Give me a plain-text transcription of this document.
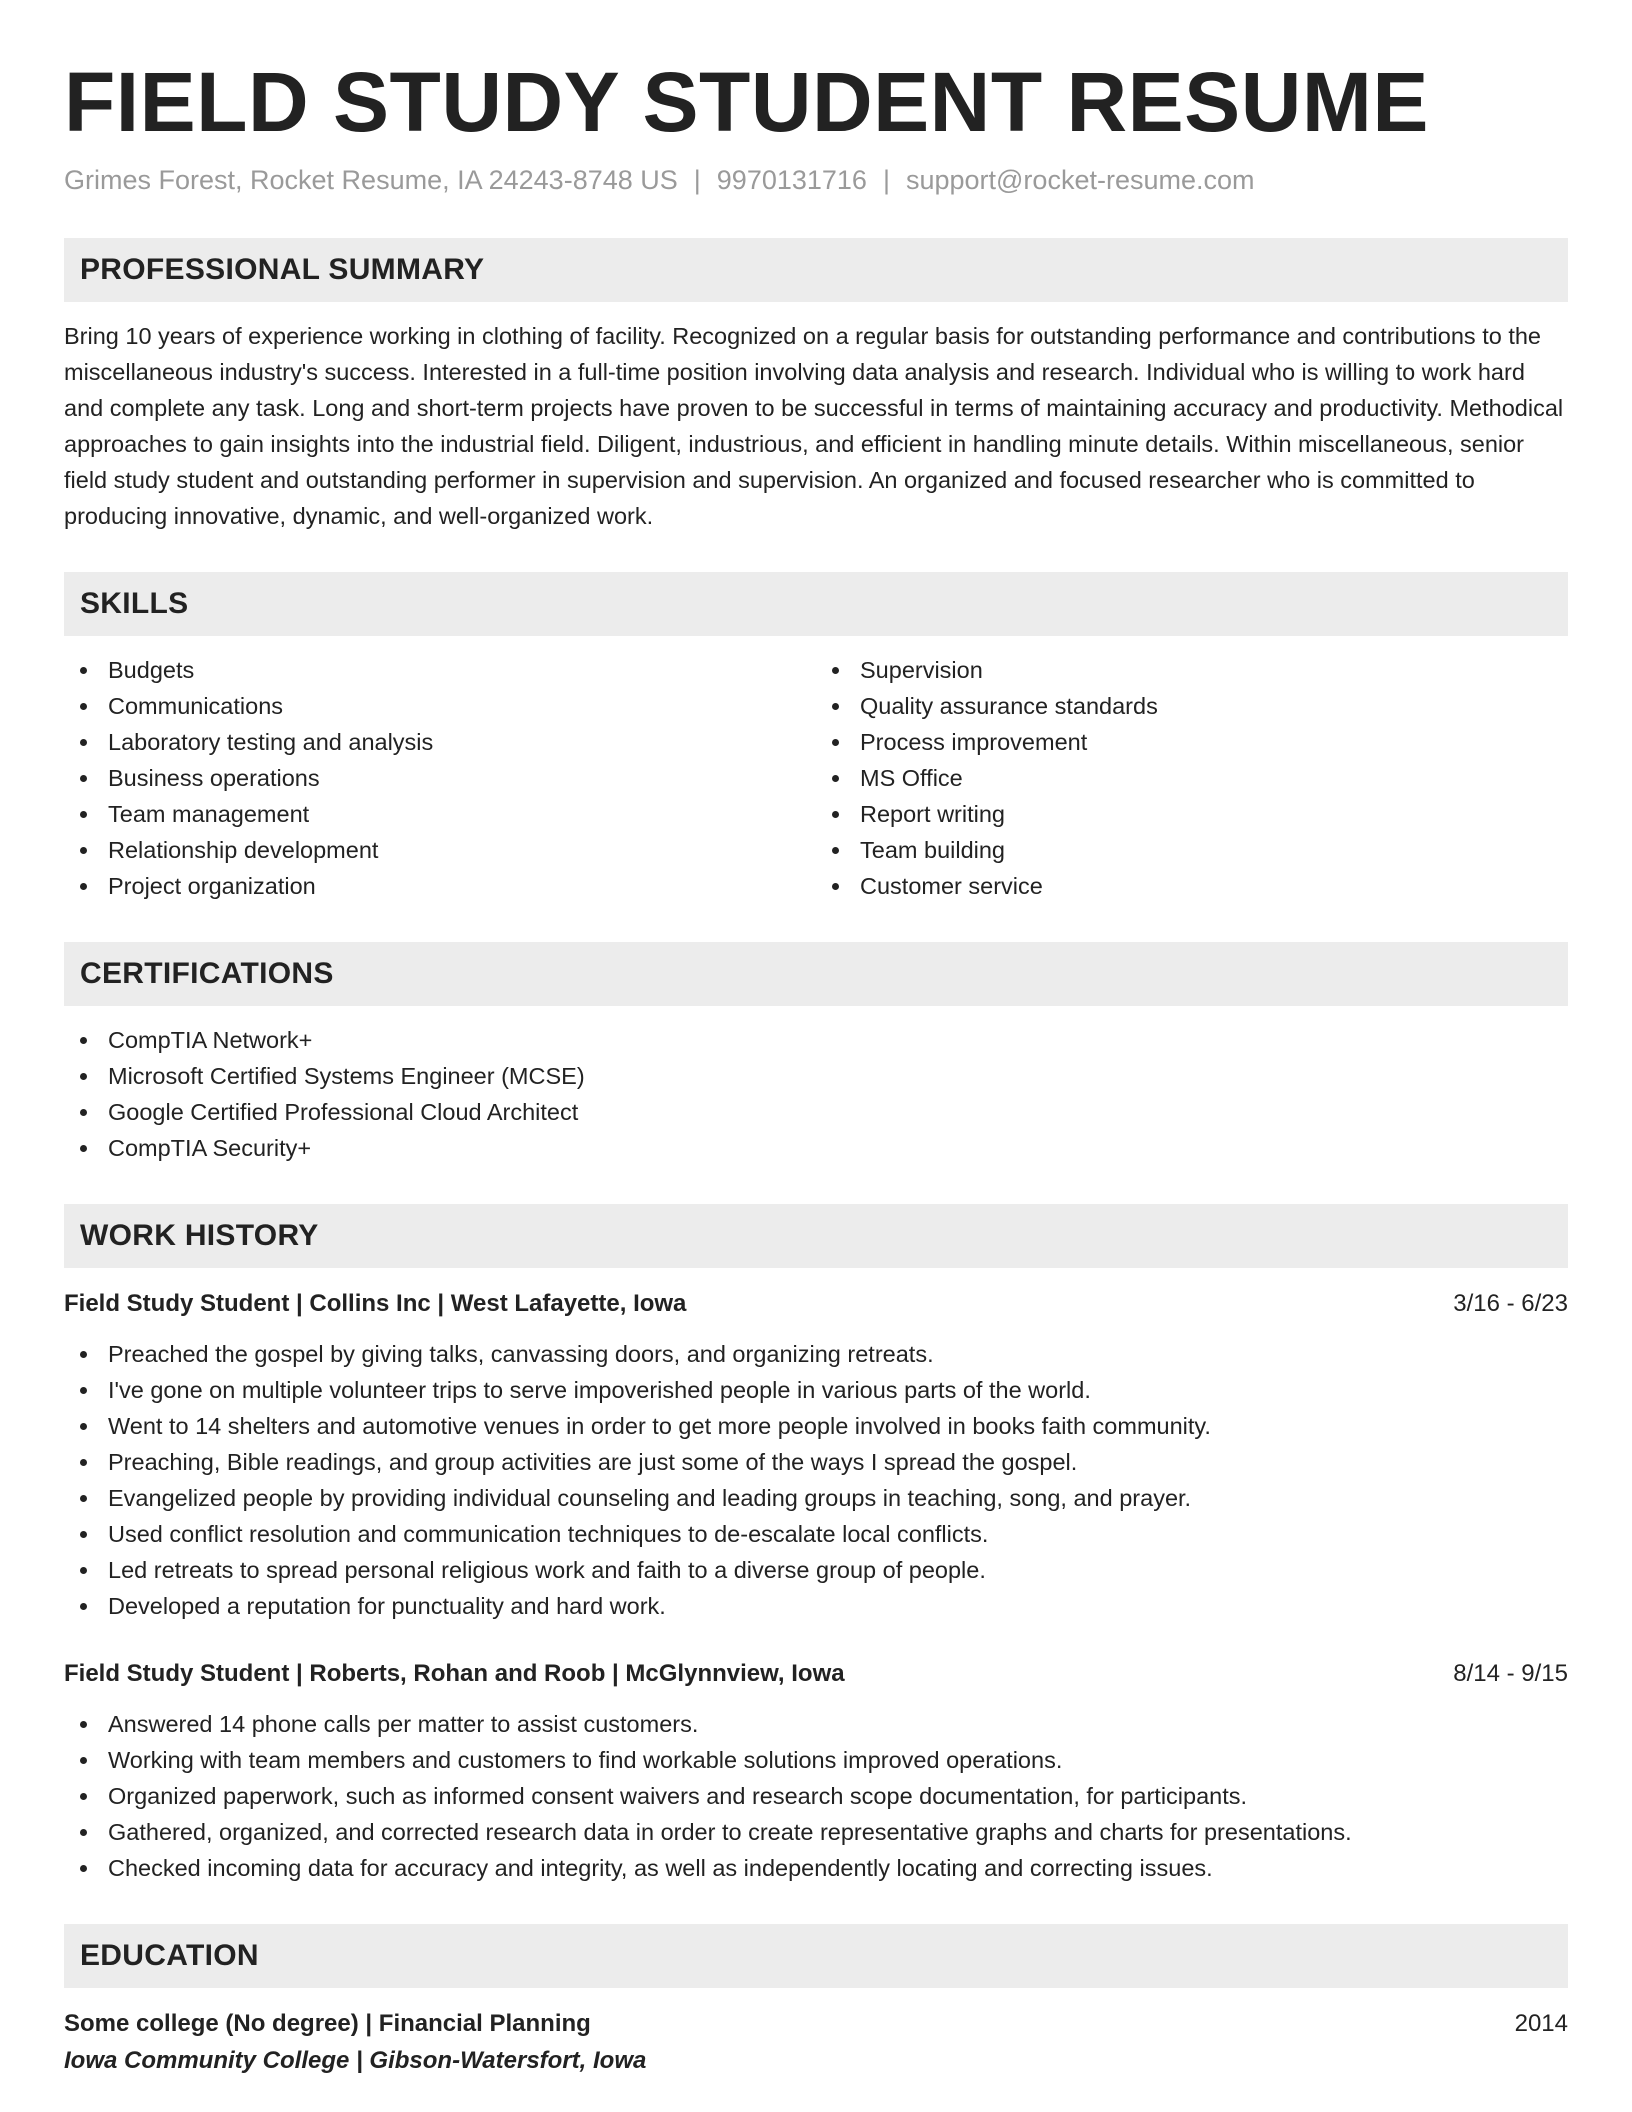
FIELD STUDY STUDENT RESUME
Grimes Forest, Rocket Resume, IA 24243-8748 US | 9970131716 | support@rocket-resume.com
PROFESSIONAL SUMMARY
Bring 10 years of experience working in clothing of facility. Recognized on a regular basis for outstanding performance and contributions to the miscellaneous industry's success. Interested in a full-time position involving data analysis and research. Individual who is willing to work hard and complete any task. Long and short-term projects have proven to be successful in terms of maintaining accuracy and productivity. Methodical approaches to gain insights into the industrial field. Diligent, industrious, and efficient in handling minute details. Within miscellaneous, senior field study student and outstanding performer in supervision and supervision. An organized and focused researcher who is committed to producing innovative, dynamic, and well-organized work.
SKILLS
Budgets
Communications
Laboratory testing and analysis
Business operations
Team management
Relationship development
Project organization
Supervision
Quality assurance standards
Process improvement
MS Office
Report writing
Team building
Customer service
CERTIFICATIONS
CompTIA Network+
Microsoft Certified Systems Engineer (MCSE)
Google Certified Professional Cloud Architect
CompTIA Security+
WORK HISTORY
Field Study Student | Collins Inc | West Lafayette, Iowa	3/16 - 6/23
Preached the gospel by giving talks, canvassing doors, and organizing retreats.
I've gone on multiple volunteer trips to serve impoverished people in various parts of the world.
Went to 14 shelters and automotive venues in order to get more people involved in books faith community.
Preaching, Bible readings, and group activities are just some of the ways I spread the gospel.
Evangelized people by providing individual counseling and leading groups in teaching, song, and prayer.
Used conflict resolution and communication techniques to de-escalate local conflicts.
Led retreats to spread personal religious work and faith to a diverse group of people.
Developed a reputation for punctuality and hard work.
Field Study Student | Roberts, Rohan and Roob | McGlynnview, Iowa	8/14 - 9/15
Answered 14 phone calls per matter to assist customers.
Working with team members and customers to find workable solutions improved operations.
Organized paperwork, such as informed consent waivers and research scope documentation, for participants.
Gathered, organized, and corrected research data in order to create representative graphs and charts for presentations.
Checked incoming data for accuracy and integrity, as well as independently locating and correcting issues.
EDUCATION
Some college (No degree) | Financial Planning	2014
Iowa Community College | Gibson-Watersfort, Iowa
